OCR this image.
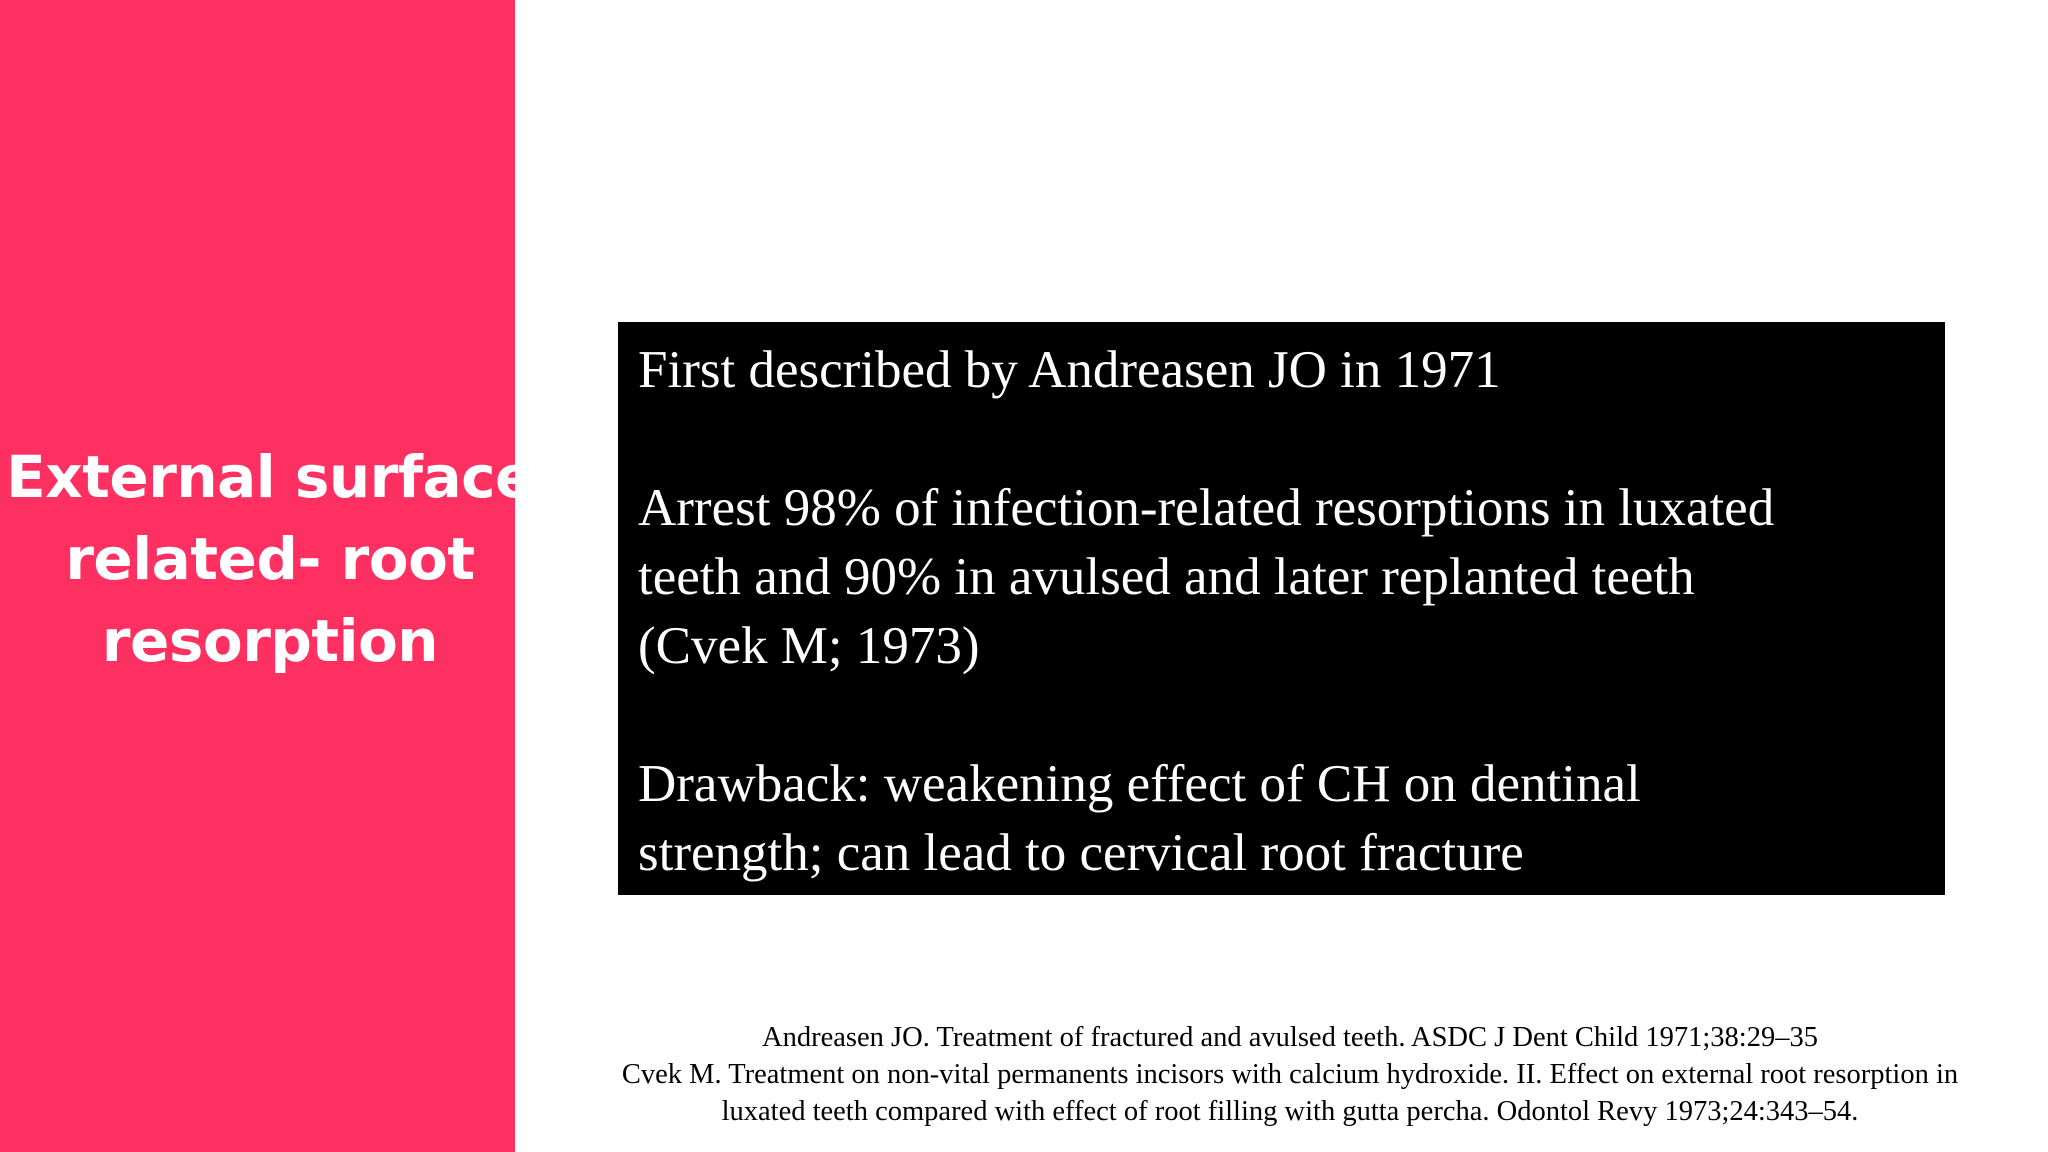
External surface
related- root
resorption

First described by Andreasen JO in 1971

Arrest 98% of infection-related resorptions in luxated

teeth and 90% in avulsed and later replanted teeth

(Cvek M; 1973)

Drawback: weakening effect of CH on dentinal

strength; can lead to cervical root fracture

Andreasen JO. Treatment of fractured and avulsed teeth. ASDC J Dent Child 1971;38:29–35
Cvek M. Treatment on non-vital permanents incisors with calcium hydroxide. II. Effect on external root resorption in
luxated teeth compared with effect of root filling with gutta percha. Odontol Revy 1973;24:343–54.
